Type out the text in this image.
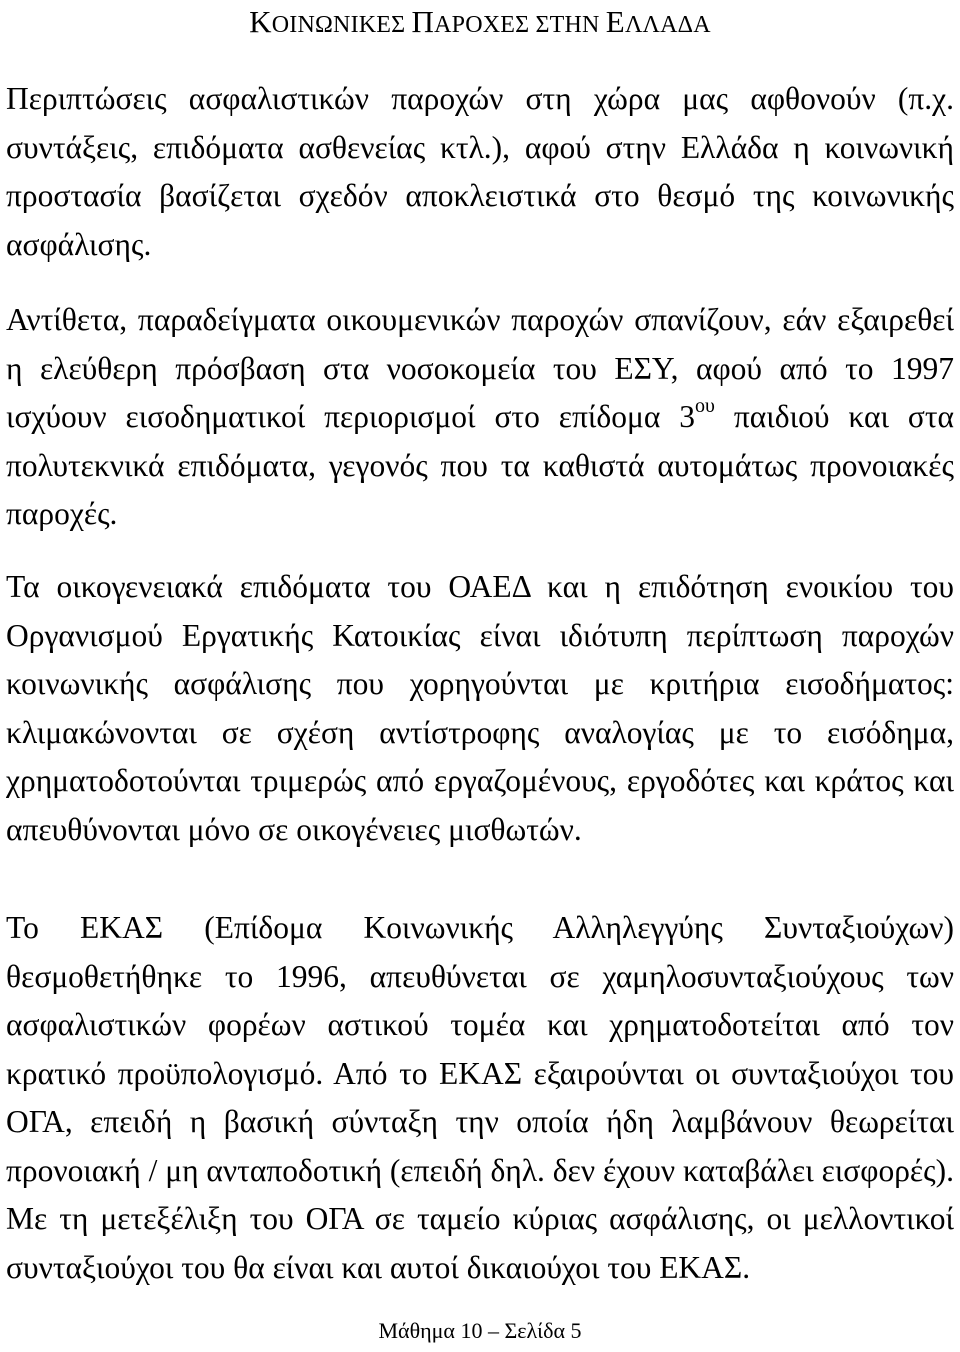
ΚΟΙΝΩΝΙΚΕΣ ΠΑΡΟΧΕΣ ΣΤΗΝ ΕΛΛΑΔΑ

Περιπτώσεις ασφαλιστικών παροχών στη χώρα μας αφθονούν (π.χ. συντάξεις, επιδόματα ασθενείας κτλ.), αφού στην Ελλάδα η κοινωνική προστασία βασίζεται σχεδόν αποκλειστικά στο θεσμό της κοινωνικής ασφάλισης.

Αντίθετα, παραδείγματα οικουμενικών παροχών σπανίζουν, εάν εξαιρεθεί η ελεύθερη πρόσβαση στα νοσοκομεία του ΕΣΥ, αφού από το 1997 ισχύουν εισοδηματικοί περιορισμοί στο επίδομα $3^{o\upsilon}$ παιδιού και στα πολυτεκνικά επιδόματα, γεγονός που τα καθιστά αυτομάτως προνοιακές παροχές.

Τα οικογενειακά επιδόματα του ΟΑΕΔ και η επιδότηση ενοικίου του Οργανισμού Εργατικής Κατοικίας είναι ιδιότυπη περίπτωση παροχών κοινωνικής ασφάλισης που χορηγούνται με κριτήρια εισοδήματος: κλιμακώνονται σε σχέση αντίστροφης αναλογίας με το εισόδημα, χρηματοδοτούνται τριμερώς από εργαζομένους, εργοδότες και κράτος και απευθύνονται μόνο σε οικογένειες μισθωτών.

Το ΕΚΑΣ (Επίδομα Κοινωνικής Αλληλεγγύης Συνταξιούχων) θεσμοθετήθηκε το 1996, απευθύνεται σε χαμηλοσυνταξιούχους των ασφαλιστικών φορέων αστικού τομέα και χρηματοδοτείται από τον κρατικό προϋπολογισμό. Από το ΕΚΑΣ εξαιρούνται οι συνταξιούχοι του ΟΓΑ, επειδή η βασική σύνταξη την οποία ήδη λαμβάνουν θεωρείται προνοιακή / μη ανταποδοτική (επειδή δηλ. δεν έχουν καταβάλει εισφορές). Με τη μετεξέλιξη του ΟΓΑ σε ταμείο κύριας ασφάλισης, οι μελλοντικοί συνταξιούχοι του θα είναι και αυτοί δικαιούχοι του ΕΚΑΣ.

Μάθημα 10 – Σελίδα 5
